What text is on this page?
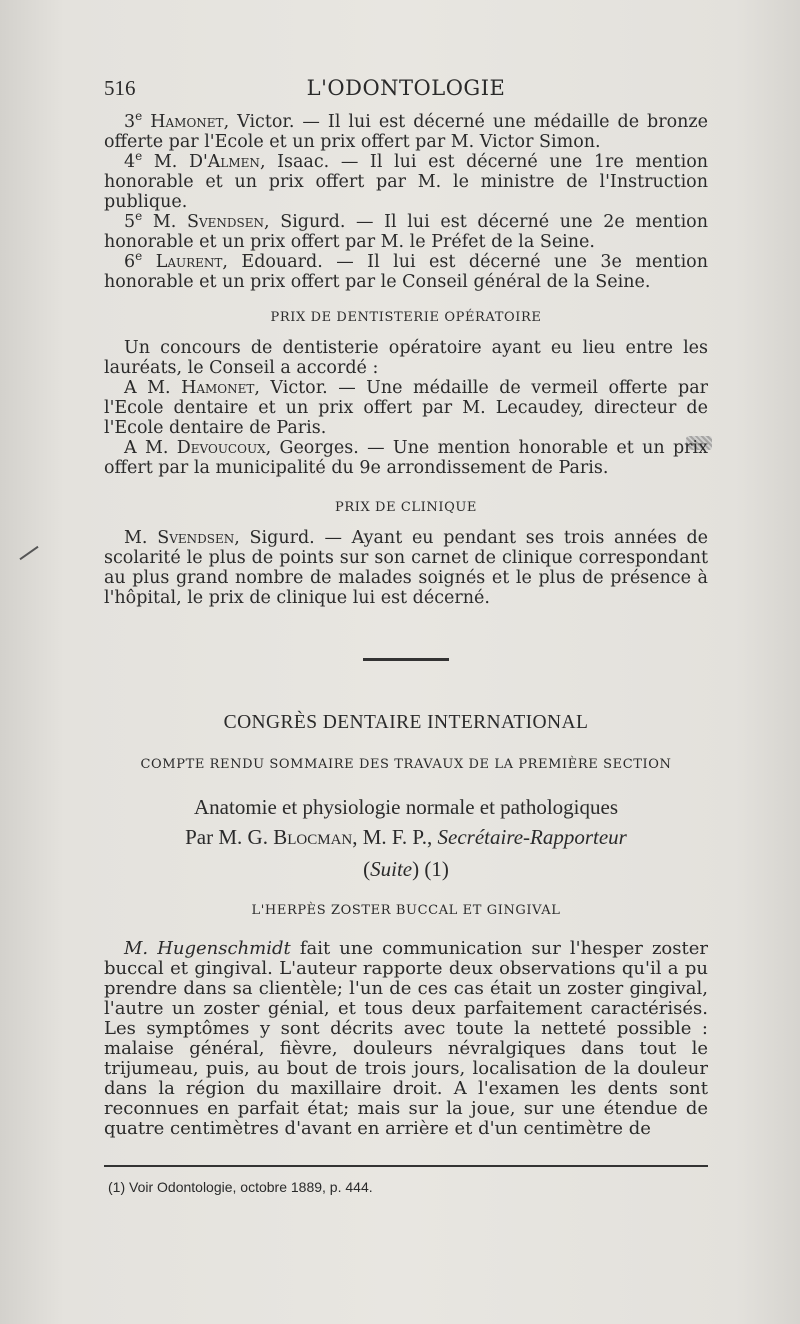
516	L'ODONTOLOGIE

3e Hamonet, Victor. — Il lui est décerné une médaille de bronze offerte par l'Ecole et un prix offert par M. Victor Simon.

4e M. D'Almen, Isaac. — Il lui est décerné une 1re mention honorable et un prix offert par M. le ministre de l'Instruction publique.

5e M. Svendsen, Sigurd. — Il lui est décerné une 2e mention honorable et un prix offert par M. le Préfet de la Seine.

6e Laurent, Edouard. — Il lui est décerné une 3e mention honorable et un prix offert par le Conseil général de la Seine.

PRIX DE DENTISTERIE OPÉRATOIRE

Un concours de dentisterie opératoire ayant eu lieu entre les lauréats, le Conseil a accordé :

A M. Hamonet, Victor. — Une médaille de vermeil offerte par l'Ecole dentaire et un prix offert par M. Lecaudey, directeur de l'Ecole dentaire de Paris.

A M. Devoucoux, Georges. — Une mention honorable et un prix offert par la municipalité du 9e arrondissement de Paris.

PRIX DE CLINIQUE

M. Svendsen, Sigurd. — Ayant eu pendant ses trois années de scolarité le plus de points sur son carnet de clinique correspondant au plus grand nombre de malades soignés et le plus de présence à l'hôpital, le prix de clinique lui est décerné.

CONGRÈS DENTAIRE INTERNATIONAL

COMPTE RENDU SOMMAIRE DES TRAVAUX DE LA PREMIÈRE SECTION

Anatomie et physiologie normale et pathologiques

Par M. G. Blocman, M. F. P., Secrétaire-Rapporteur

(Suite) (1)

L'HERPÈS ZOSTER BUCCAL ET GINGIVAL

M. Hugenschmidt fait une communication sur l'hesper zoster buccal et gingival. L'auteur rapporte deux observations qu'il a pu prendre dans sa clientèle; l'un de ces cas était un zoster gingival, l'autre un zoster génial, et tous deux parfaitement caractérisés. Les symptômes y sont décrits avec toute la netteté possible : malaise général, fièvre, douleurs névralgiques dans tout le trijumeau, puis, au bout de trois jours, localisation de la douleur dans la région du maxillaire droit. A l'examen les dents sont reconnues en parfait état; mais sur la joue, sur une étendue de quatre centimètres d'avant en arrière et d'un centimètre de

(1) Voir Odontologie, octobre 1889, p. 444.
